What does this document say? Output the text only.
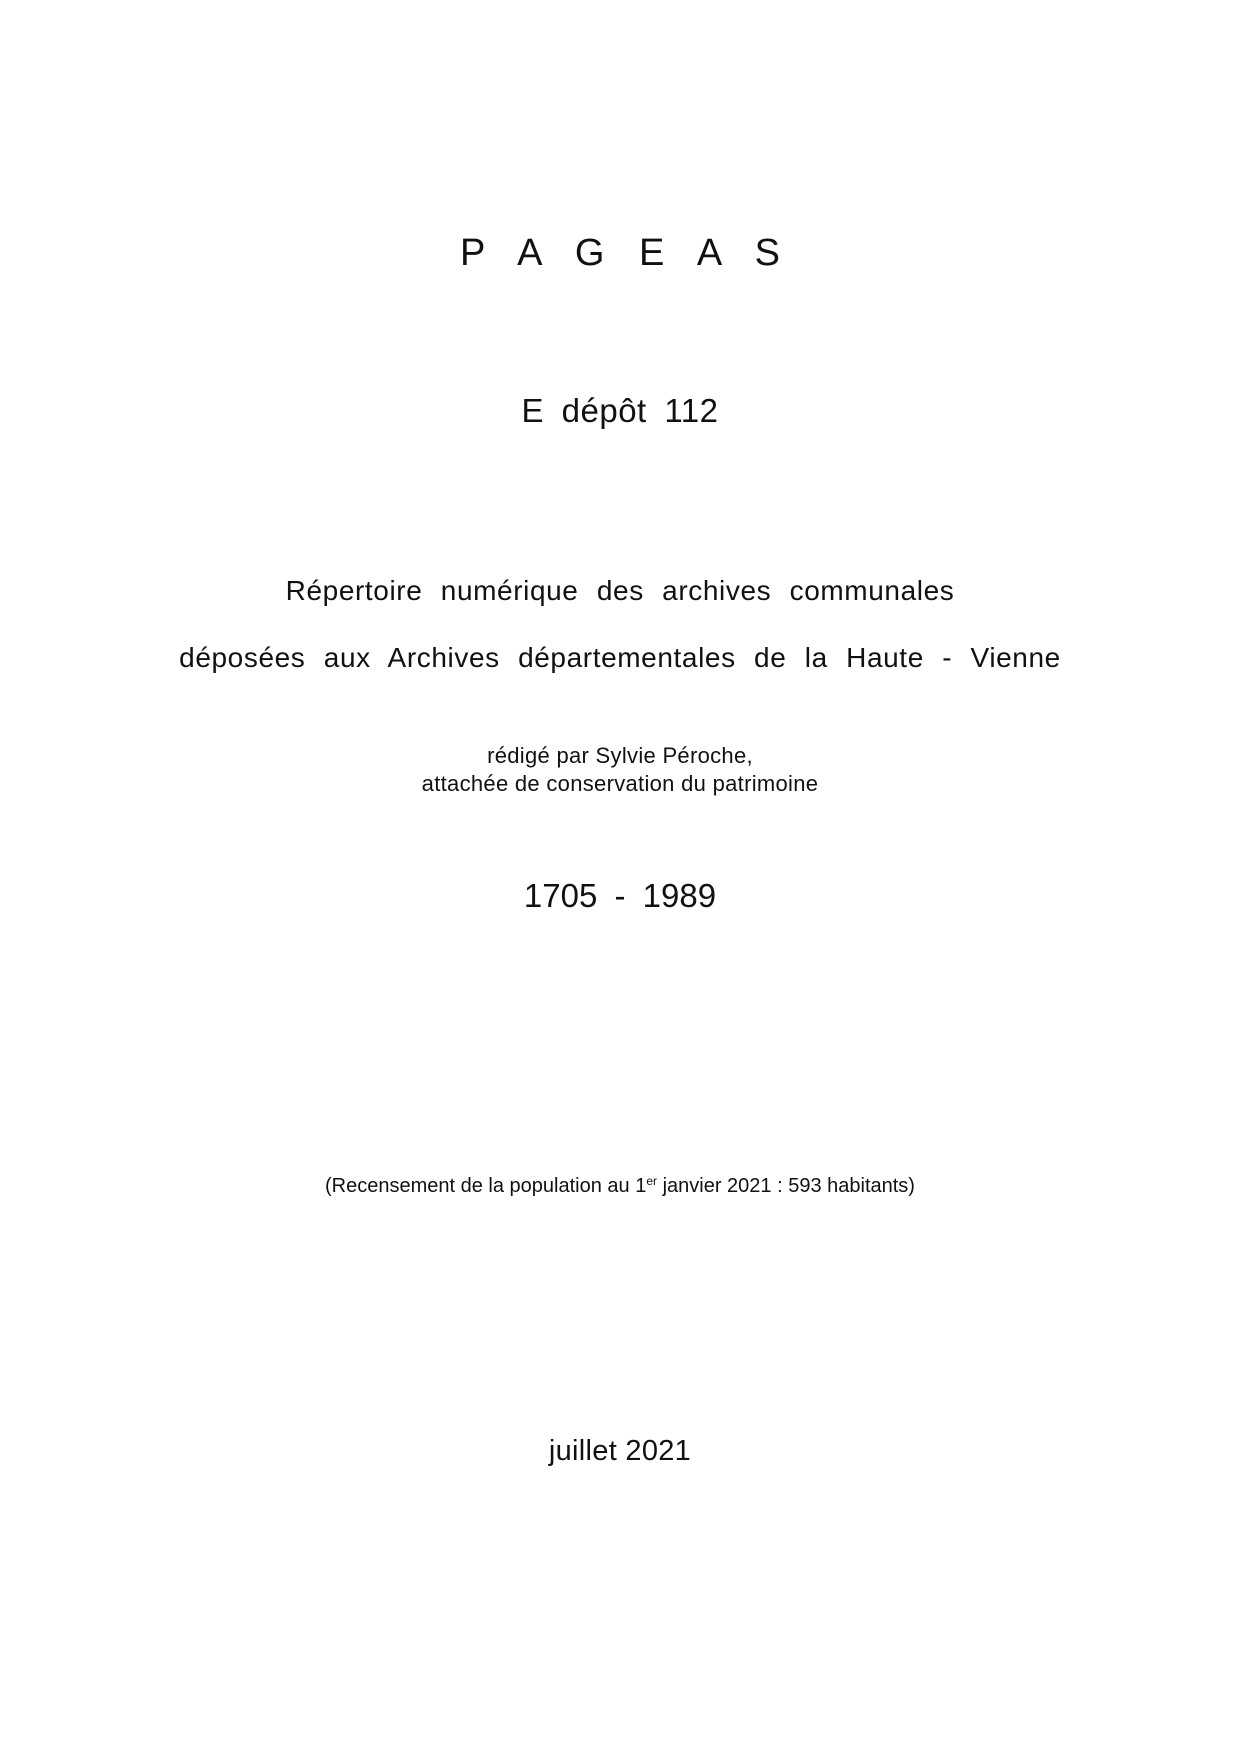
P A G E A S
E dépôt 112
Répertoire numérique des archives communales
déposées aux Archives départementales de la Haute - Vienne
rédigé par Sylvie Péroche,
attachée de conservation du patrimoine
1705 - 1989
(Recensement de la population au 1er janvier 2021 : 593 habitants)
juillet 2021
